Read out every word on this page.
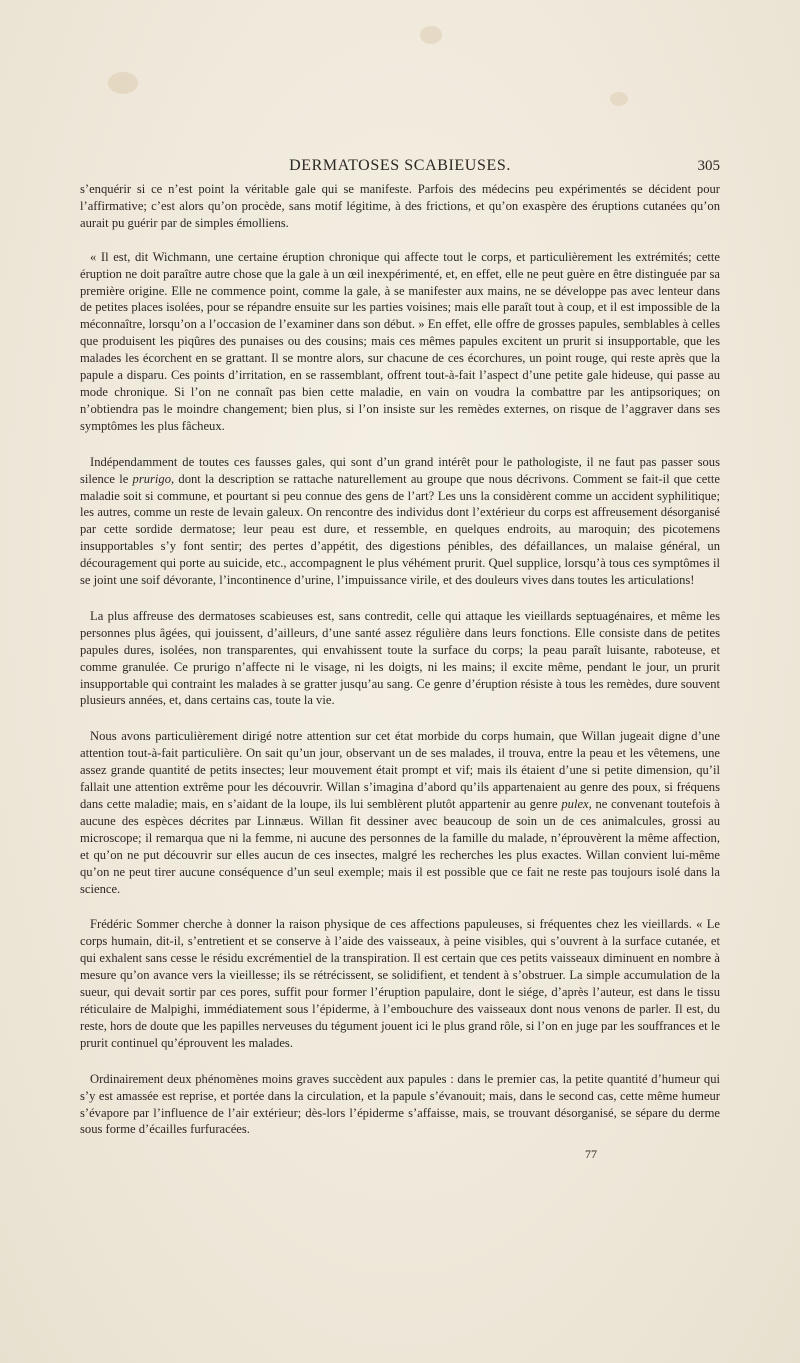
DERMATOSES SCABIEUSES.	305

s’enquérir si ce n’est point la véritable gale qui se manifeste. Parfois des médecins peu expérimentés se décident pour l’affirmative; c’est alors qu’on procède, sans motif légitime, à des frictions, et qu’on exaspère des éruptions cutanées qu’on aurait pu guérir par de simples émolliens.

« Il est, dit Wichmann, une certaine éruption chronique qui affecte tout le corps, et particulièrement les extrémités; cette éruption ne doit paraître autre chose que la gale à un œil inexpérimenté, et, en effet, elle ne peut guère en être distinguée par sa première origine. Elle ne commence point, comme la gale, à se manifester aux mains, ne se développe pas avec lenteur dans de petites places isolées, pour se répandre ensuite sur les parties voisines; mais elle paraît tout à coup, et il est impossible de la méconnaître, lorsqu’on a l’occasion de l’examiner dans son début. » En effet, elle offre de grosses papules, semblables à celles que produisent les piqûres des punaises ou des cousins; mais ces mêmes papules excitent un prurit si insupportable, que les malades les écorchent en se grattant. Il se montre alors, sur chacune de ces écorchures, un point rouge, qui reste après que la papule a disparu. Ces points d’irritation, en se rassemblant, offrent tout-à-fait l’aspect d’une petite gale hideuse, qui passe au mode chronique. Si l’on ne connaît pas bien cette maladie, en vain on voudra la combattre par les antipsoriques; on n’obtiendra pas le moindre changement; bien plus, si l’on insiste sur les remèdes externes, on risque de l’aggraver dans ses symptômes les plus fâcheux.

Indépendamment de toutes ces fausses gales, qui sont d’un grand intérêt pour le pathologiste, il ne faut pas passer sous silence le prurigo, dont la description se rattache naturellement au groupe que nous décrivons. Comment se fait-il que cette maladie soit si commune, et pourtant si peu connue des gens de l’art? Les uns la considèrent comme un accident syphilitique; les autres, comme un reste de levain galeux. On rencontre des individus dont l’extérieur du corps est affreusement désorganisé par cette sordide dermatose; leur peau est dure, et ressemble, en quelques endroits, au maroquin; des picotemens insupportables s’y font sentir; des pertes d’appétit, des digestions pénibles, des défaillances, un malaise général, un découragement qui porte au suicide, etc., accompagnent le plus véhément prurit. Quel supplice, lorsqu’à tous ces symptômes il se joint une soif dévorante, l’incontinence d’urine, l’impuissance virile, et des douleurs vives dans toutes les articulations!

La plus affreuse des dermatoses scabieuses est, sans contredit, celle qui attaque les vieillards septuagénaires, et même les personnes plus âgées, qui jouissent, d’ailleurs, d’une santé assez régulière dans leurs fonctions. Elle consiste dans de petites papules dures, isolées, non transparentes, qui envahissent toute la surface du corps; la peau paraît luisante, raboteuse, et comme granulée. Ce prurigo n’affecte ni le visage, ni les doigts, ni les mains; il excite même, pendant le jour, un prurit insupportable qui contraint les malades à se gratter jusqu’au sang. Ce genre d’éruption résiste à tous les remèdes, dure souvent plusieurs années, et, dans certains cas, toute la vie.

Nous avons particulièrement dirigé notre attention sur cet état morbide du corps humain, que Willan jugeait digne d’une attention tout-à-fait particulière. On sait qu’un jour, observant un de ses malades, il trouva, entre la peau et les vêtemens, une assez grande quantité de petits insectes; leur mouvement était prompt et vif; mais ils étaient d’une si petite dimension, qu’il fallait une attention extrême pour les découvrir. Willan s’imagina d’abord qu’ils appartenaient au genre des poux, si fréquens dans cette maladie; mais, en s’aidant de la loupe, ils lui semblèrent plutôt appartenir au genre pulex, ne convenant toutefois à aucune des espèces décrites par Linnæus. Willan fit dessiner avec beaucoup de soin un de ces animalcules, grossi au microscope; il remarqua que ni la femme, ni aucune des personnes de la famille du malade, n’éprouvèrent la même affection, et qu’on ne put découvrir sur elles aucun de ces insectes, malgré les recherches les plus exactes. Willan convient lui-même qu’on ne peut tirer aucune conséquence d’un seul exemple; mais il est possible que ce fait ne reste pas toujours isolé dans la science.

Frédéric Sommer cherche à donner la raison physique de ces affections papuleuses, si fréquentes chez les vieillards. « Le corps humain, dit-il, s’entretient et se conserve à l’aide des vaisseaux, à peine visibles, qui s’ouvrent à la surface cutanée, et qui exhalent sans cesse le résidu excrémentiel de la transpiration. Il est certain que ces petits vaisseaux diminuent en nombre à mesure qu’on avance vers la vieillesse; ils se rétrécissent, se solidifient, et tendent à s’obstruer. La simple accumulation de la sueur, qui devait sortir par ces pores, suffit pour former l’éruption papulaire, dont le siége, d’après l’auteur, est dans le tissu réticulaire de Malpighi, immédiatement sous l’épiderme, à l’embouchure des vaisseaux dont nous venons de parler. Il est, du reste, hors de doute que les papilles nerveuses du tégument jouent ici le plus grand rôle, si l’on en juge par les souffrances et le prurit continuel qu’éprouvent les malades.

Ordinairement deux phénomènes moins graves succèdent aux papules : dans le premier cas, la petite quantité d’humeur qui s’y est amassée est reprise, et portée dans la circulation, et la papule s’évanouit; mais, dans le second cas, cette même humeur s’évapore par l’influence de l’air extérieur; dès-lors l’épiderme s’affaisse, mais, se trouvant désorganisé, se sépare du derme sous forme d’écailles furfuracées.

77
